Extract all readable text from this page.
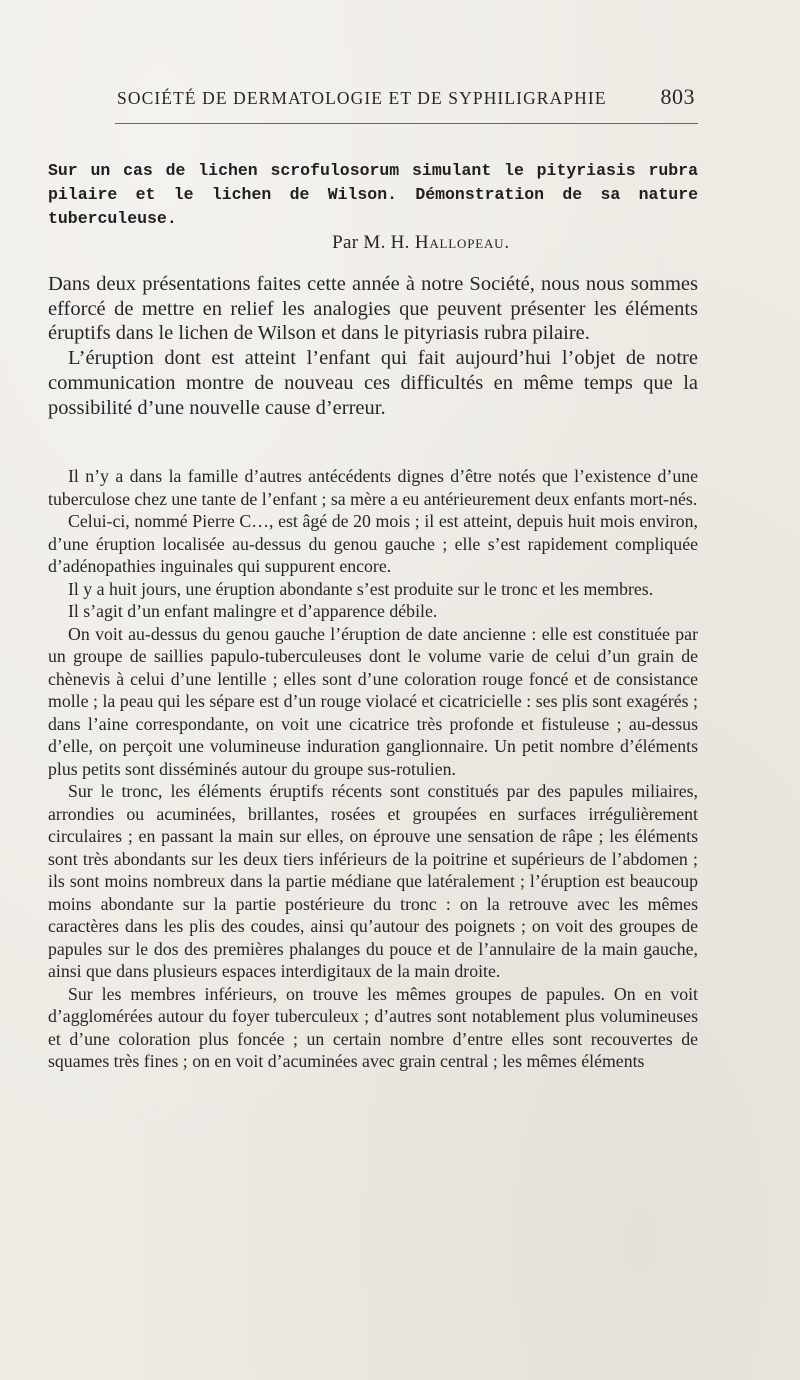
SOCIÉTÉ DE DERMATOLOGIE ET DE SYPHILIGRAPHIE 803
Sur un cas de lichen scrofulosorum simulant le pityriasis rubra pilaire et le lichen de Wilson. Démonstration de sa nature tuberculeuse.

Par M. H. Hallopeau.

Dans deux présentations faites cette année à notre Société, nous nous sommes efforcé de mettre en relief les analogies que peuvent présenter les éléments éruptifs dans le lichen de Wilson et dans le pityriasis rubra pilaire.

L’éruption dont est atteint l’enfant qui fait aujourd’hui l’objet de notre communication montre de nouveau ces difficultés en même temps que la possibilité d’une nouvelle cause d’erreur.

Il n’y a dans la famille d’autres antécédents dignes d’être notés que l’existence d’une tuberculose chez une tante de l’enfant ; sa mère a eu antérieurement deux enfants mort-nés.

Celui-ci, nommé Pierre C…, est âgé de 20 mois ; il est atteint, depuis huit mois environ, d’une éruption localisée au-dessus du genou gauche ; elle s’est rapidement compliquée d’adénopathies inguinales qui suppurent encore.

Il y a huit jours, une éruption abondante s’est produite sur le tronc et les membres.

Il s’agit d’un enfant malingre et d’apparence débile.

On voit au-dessus du genou gauche l’éruption de date ancienne : elle est constituée par un groupe de saillies papulo-tuberculeuses dont le volume varie de celui d’un grain de chènevis à celui d’une lentille ; elles sont d’une coloration rouge foncé et de consistance molle ; la peau qui les sépare est d’un rouge violacé et cicatricielle : ses plis sont exagérés ; dans l’aine correspondante, on voit une cicatrice très profonde et fistuleuse ; au-dessus d’elle, on perçoit une volumineuse induration ganglionnaire. Un petit nombre d’éléments plus petits sont disséminés autour du groupe sus-rotulien.

Sur le tronc, les éléments éruptifs récents sont constitués par des papules miliaires, arrondies ou acuminées, brillantes, rosées et groupées en surfaces irrégulièrement circulaires ; en passant la main sur elles, on éprouve une sensation de râpe ; les éléments sont très abondants sur les deux tiers inférieurs de la poitrine et supérieurs de l’abdomen ; ils sont moins nombreux dans la partie médiane que latéralement ; l’éruption est beaucoup moins abondante sur la partie postérieure du tronc : on la retrouve avec les mêmes caractères dans les plis des coudes, ainsi qu’autour des poignets ; on voit des groupes de papules sur le dos des premières phalanges du pouce et de l’annulaire de la main gauche, ainsi que dans plusieurs espaces interdigitaux de la main droite.

Sur les membres inférieurs, on trouve les mêmes groupes de papules. On en voit d’agglomérées autour du foyer tuberculeux ; d’autres sont notablement plus volumineuses et d’une coloration plus foncée ; un certain nombre d’entre elles sont recouvertes de squames très fines ; on en voit d’acuminées avec grain central ; les mêmes éléments
